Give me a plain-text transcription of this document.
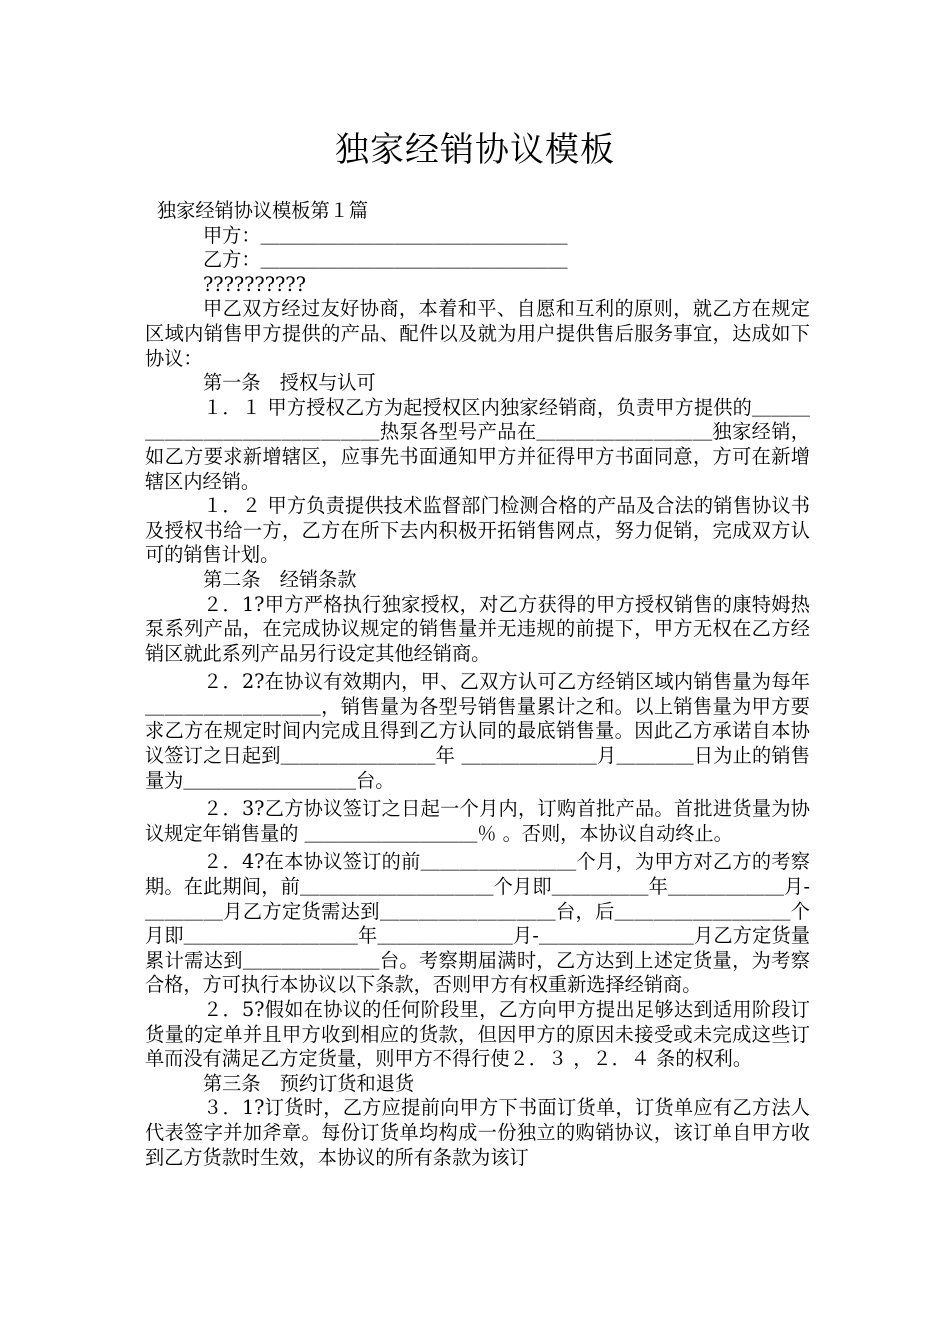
独家经销协议模板

独家经销协议模板第１篇

甲方：＿＿＿＿＿＿＿＿＿＿＿＿＿＿＿＿

乙方：＿＿＿＿＿＿＿＿＿＿＿＿＿＿＿＿

??????????

甲乙双方经过友好协商，本着和平、自愿和互利的原则，就乙方在规定区域内销售甲方提供的产品、配件以及就为用户提供售后服务事宜，达成如下协议：

第一条　授权与认可

１．１ 甲方授权乙方为起授权区内独家经销商，负责甲方提供的＿＿＿＿＿＿＿＿＿＿＿＿＿＿＿热泵各型号产品在＿＿＿＿＿＿＿＿＿独家经销，如乙方要求新增辖区，应事先书面通知甲方并征得甲方书面同意，方可在新增辖区内经销。

１．２ 甲方负责提供技术监督部门检测合格的产品及合法的销售协议书及授权书给一方，乙方在所下去内积极开拓销售网点，努力促销，完成双方认可的销售计划。

第二条　经销条款

２．1?甲方严格执行独家授权，对乙方获得的甲方授权销售的康特姆热泵系列产品，在完成协议规定的销售量并无违规的前提下，甲方无权在乙方经销区就此系列产品另行设定其他经销商。

２．2?在协议有效期内，甲、乙双方认可乙方经销区域内销售量为每年＿＿＿＿＿＿＿＿＿，销售量为各型号销售量累计之和。以上销售量为甲方要求乙方在规定时间内完成且得到乙方认同的最底销售量。因此乙方承诺自本协议签订之日起到＿＿＿＿＿＿＿＿年 ＿＿＿＿＿＿＿月＿＿＿＿日为止的销售量为＿＿＿＿＿＿＿＿＿台。

２．3?乙方协议签订之日起一个月内，订购首批产品。首批进货量为协议规定年销售量的 ＿＿＿＿＿＿＿＿＿％ 。否则，本协议自动终止。

２．4?在本协议签订的前＿＿＿＿＿＿＿＿个月，为甲方对乙方的考察期。在此期间，前＿＿＿＿＿＿＿＿＿＿个月即＿＿＿＿＿年＿＿＿＿＿＿月-＿＿＿＿月乙方定货需达到＿＿＿＿＿＿＿＿＿台，后＿＿＿＿＿＿＿＿＿个月即＿＿＿＿＿＿＿＿＿年＿＿＿＿＿＿＿月-＿＿＿＿＿＿＿＿月乙方定货量累计需达到＿＿＿＿＿＿＿台。考察期届满时，乙方达到上述定货量，为考察合格，方可执行本协议以下条款，否则甲方有权重新选择经销商。

２．5?假如在协议的任何阶段里，乙方向甲方提出足够达到适用阶段订货量的定单并且甲方收到相应的货款，但因甲方的原因未接受或未完成这些订单而没有满足乙方定货量，则甲方不得行使２．３ ，２．４ 条的权利。

第三条　预约订货和退货

３．1?订货时，乙方应提前向甲方下书面订货单，订货单应有乙方法人代表签字并加斧章。每份订货单均构成一份独立的购销协议，该订单自甲方收到乙方货款时生效，本协议的所有条款为该订
